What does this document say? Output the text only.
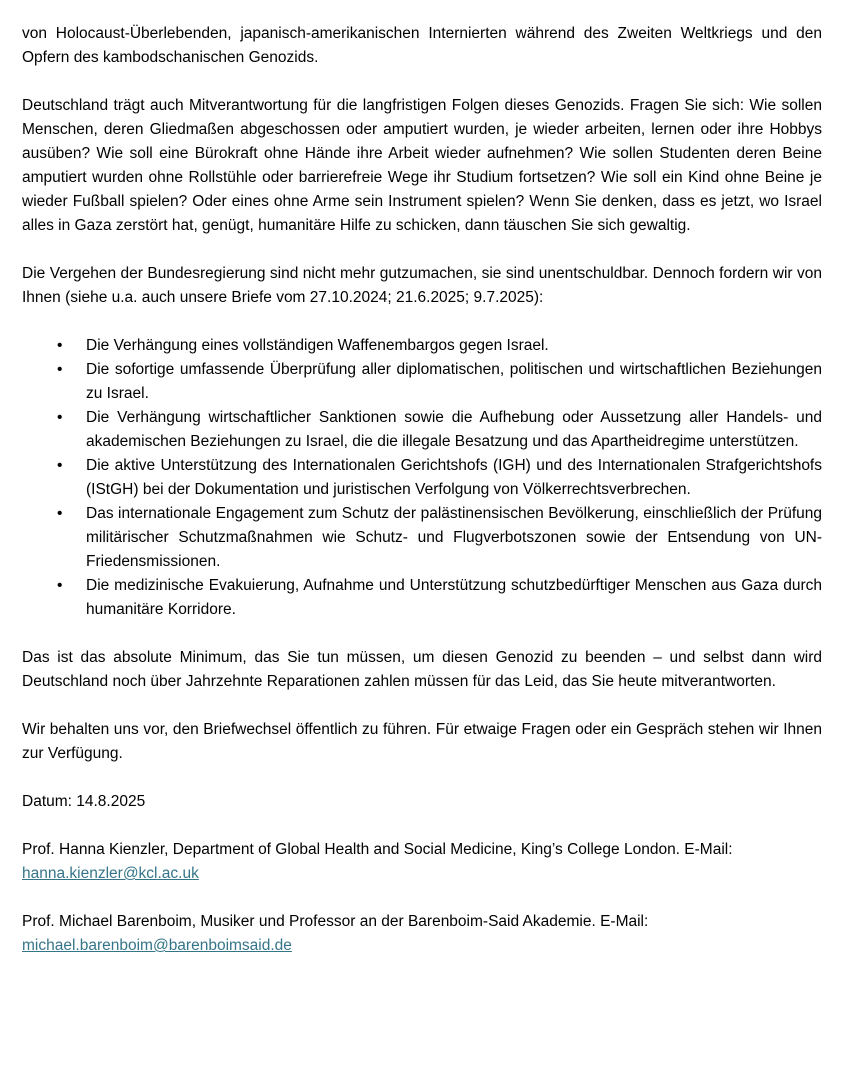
von Holocaust-Überlebenden, japanisch-amerikanischen Internierten während des Zweiten Weltkriegs und den Opfern des kambodschanischen Genozids.

Deutschland trägt auch Mitverantwortung für die langfristigen Folgen dieses Genozids. Fragen Sie sich: Wie sollen Menschen, deren Gliedmaßen abgeschossen oder amputiert wurden, je wieder arbeiten, lernen oder ihre Hobbys ausüben? Wie soll eine Bürokraft ohne Hände ihre Arbeit wieder aufnehmen? Wie sollen Studenten deren Beine amputiert wurden ohne Rollstühle oder barrierefreie Wege ihr Studium fortsetzen? Wie soll ein Kind ohne Beine je wieder Fußball spielen? Oder eines ohne Arme sein Instrument spielen? Wenn Sie denken, dass es jetzt, wo Israel alles in Gaza zerstört hat, genügt, humanitäre Hilfe zu schicken, dann täuschen Sie sich gewaltig.

Die Vergehen der Bundesregierung sind nicht mehr gutzumachen, sie sind unentschuldbar. Dennoch fordern wir von Ihnen (siehe u.a. auch unsere Briefe vom 27.10.2024; 21.6.2025; 9.7.2025):

• Die Verhängung eines vollständigen Waffenembargos gegen Israel.
• Die sofortige umfassende Überprüfung aller diplomatischen, politischen und wirtschaftlichen Beziehungen zu Israel.
• Die Verhängung wirtschaftlicher Sanktionen sowie die Aufhebung oder Aussetzung aller Handels- und akademischen Beziehungen zu Israel, die die illegale Besatzung und das Apartheidregime unterstützen.
• Die aktive Unterstützung des Internationalen Gerichtshofs (IGH) und des Internationalen Strafgerichtshofs (IStGH) bei der Dokumentation und juristischen Verfolgung von Völkerrechtsverbrechen.
• Das internationale Engagement zum Schutz der palästinensischen Bevölkerung, einschließlich der Prüfung militärischer Schutzmaßnahmen wie Schutz- und Flugverbotszonen sowie der Entsendung von UN-Friedensmissionen.
• Die medizinische Evakuierung, Aufnahme und Unterstützung schutzbedürftiger Menschen aus Gaza durch humanitäre Korridore.

Das ist das absolute Minimum, das Sie tun müssen, um diesen Genozid zu beenden – und selbst dann wird Deutschland noch über Jahrzehnte Reparationen zahlen müssen für das Leid, das Sie heute mitverantworten.

Wir behalten uns vor, den Briefwechsel öffentlich zu führen. Für etwaige Fragen oder ein Gespräch stehen wir Ihnen zur Verfügung.

Datum: 14.8.2025

Prof. Hanna Kienzler, Department of Global Health and Social Medicine, King’s College London. E-Mail: hanna.kienzler@kcl.ac.uk

Prof. Michael Barenboim, Musiker und Professor an der Barenboim-Said Akademie. E-Mail: michael.barenboim@barenboimsaid.de
